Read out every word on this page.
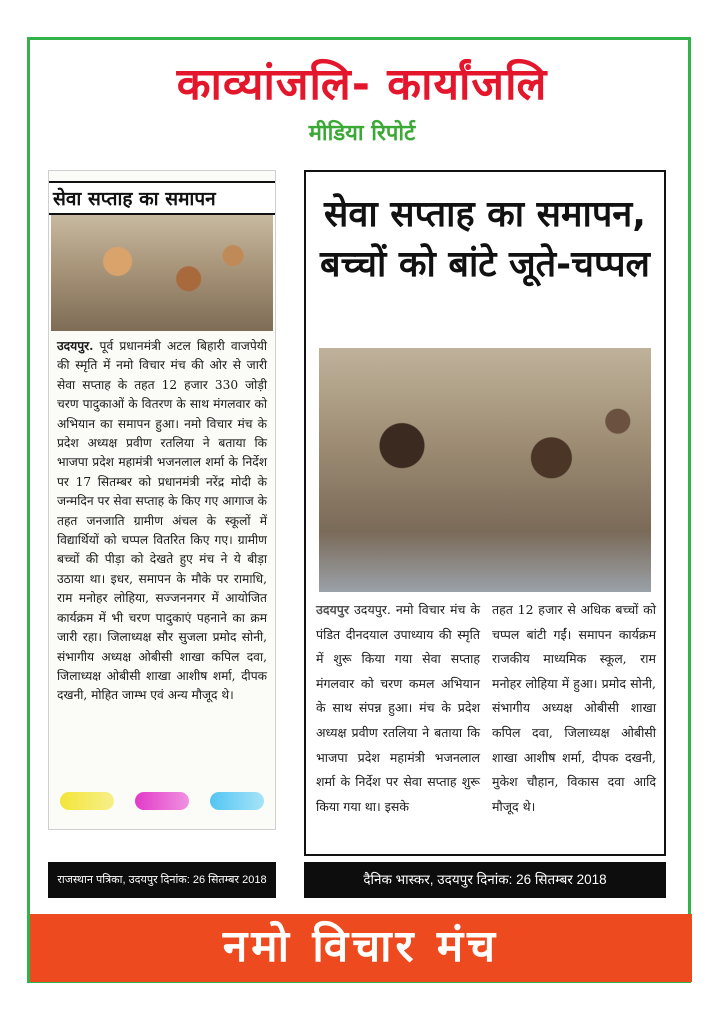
काव्यांजलि- कार्यांजलि
मीडिया रिपोर्ट
सेवा सप्ताह का समापन
उदयपुर. पूर्व प्रधानमंत्री अटल बिहारी वाजपेयी की स्मृति में नमो विचार मंच की ओर से जारी सेवा सप्ताह के तहत 12 हजार 330 जोड़ी चरण पादुकाओं के वितरण के साथ मंगलवार को अभियान का समापन हुआ। नमो विचार मंच के प्रदेश अध्यक्ष प्रवीण रतलिया ने बताया कि भाजपा प्रदेश महामंत्री भजनलाल शर्मा के निर्देश पर 17 सितम्बर को प्रधानमंत्री नरेंद्र मोदी के जन्मदिन पर सेवा सप्ताह के किए गए आगाज के तहत जनजाति ग्रामीण अंचल के स्कूलों में विद्यार्थियों को चप्पल वितरित किए गए। ग्रामीण बच्चों की पीड़ा को देखते हुए मंच ने ये बीड़ा उठाया था। इधर, समापन के मौके पर रामाधि, राम मनोहर लोहिया, सज्जननगर में आयोजित कार्यक्रम में भी चरण पादुकाएं पहनाने का क्रम जारी रहा। जिलाध्यक्ष सौर सुजला प्रमोद सोनी, संभागीय अध्यक्ष ओबीसी शाखा कपिल दवा, जिलाध्यक्ष ओबीसी शाखा आशीष शर्मा, दीपक दखनी, मोहित जाम्भ एवं अन्य मौजूद थे।
सेवा सप्ताह का समापन,
बच्चों को बांटे जूते-चप्पल
उदयपुर उदयपुर. नमो विचार मंच के पंडित दीनदयाल उपाध्याय की स्मृति में शुरू किया गया सेवा सप्ताह मंगलवार को चरण कमल अभियान के साथ संपन्न हुआ। मंच के प्रदेश अध्यक्ष प्रवीण रतलिया ने बताया कि भाजपा प्रदेश महामंत्री भजनलाल शर्मा के निर्देश पर सेवा सप्ताह शुरू किया गया था। इसके
तहत 12 हजार से अधिक बच्चों को चप्पल बांटी गईं। समापन कार्यक्रम राजकीय माध्यमिक स्कूल, राम मनोहर लोहिया में हुआ। प्रमोद सोनी, संभागीय अध्यक्ष ओबीसी शाखा कपिल दवा, जिलाध्यक्ष ओबीसी शाखा आशीष शर्मा, दीपक दखनी, मुकेश चौहान, विकास दवा आदि मौजूद थे।
राजस्थान पत्रिका, उदयपुर दिनांक: 26 सितम्बर 2018	दैनिक भास्कर, उदयपुर दिनांक: 26 सितम्बर 2018
नमो विचार मंच
